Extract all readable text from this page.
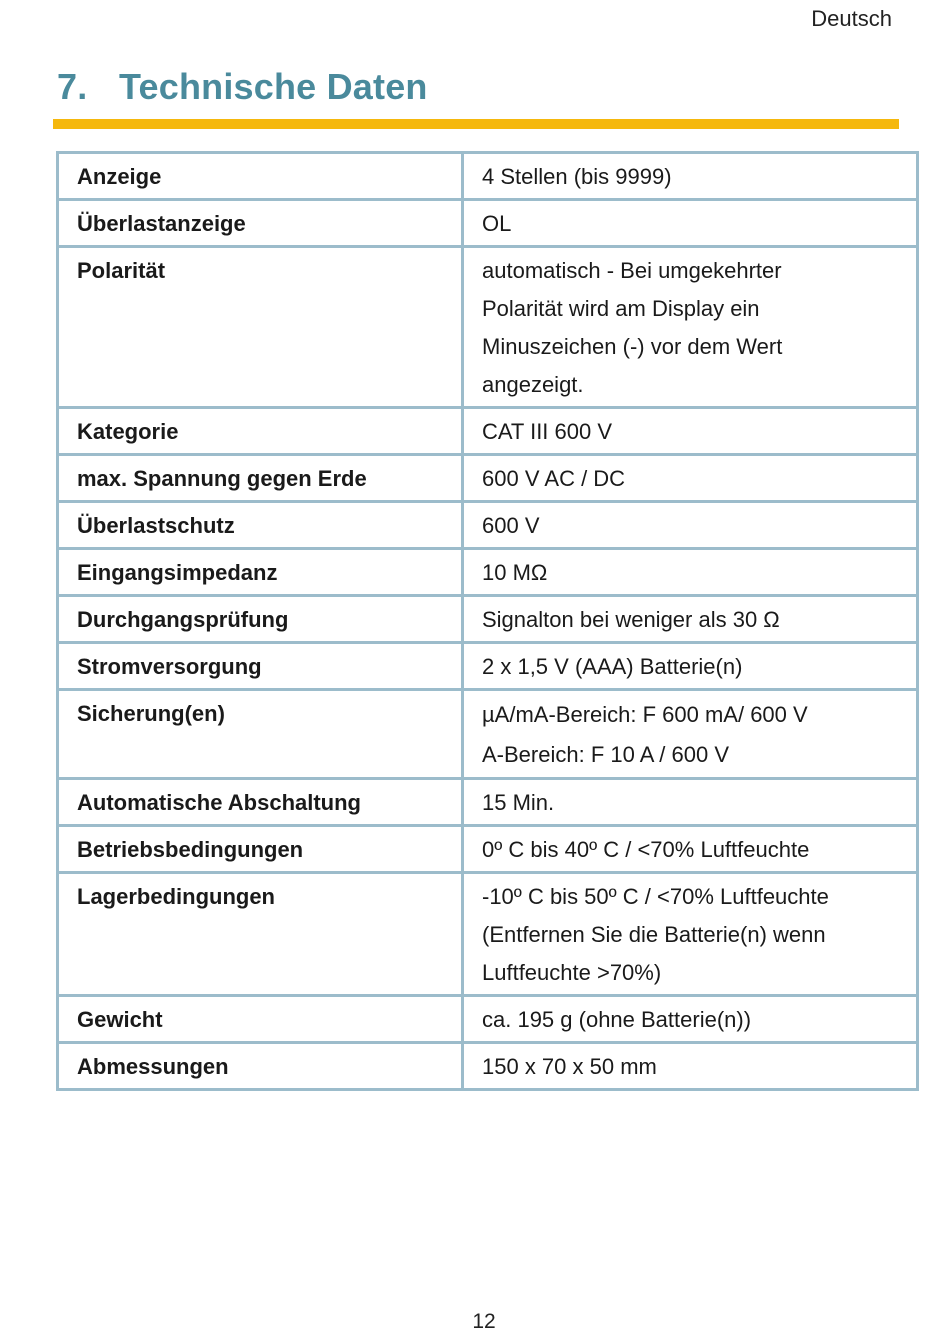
Deutsch
7. Technische Daten
Anzeige	4 Stellen (bis 9999)
Überlastanzeige	OL
Polarität	automatisch - Bei umgekehrter
Polarität wird am Display ein
Minuszeichen (-) vor dem Wert
angezeigt.

Kategorie	CAT III 600 V
max. Spannung gegen Erde	600 V AC / DC
Überlastschutz	600 V
Eingangsimpedanz	10 MΩ
Durchgangsprüfung	Signalton bei weniger als 30 Ω
Stromversorgung	2 x 1,5 V (AAA) Batterie(n)
Sicherung(en)	µA/mA-Bereich: F 600 mA/ 600 V
A-Bereich: F 10 A / 600 V

Automatische Abschaltung	15 Min.
Betriebsbedingungen	0º C bis 40º C / <70% Luftfeuchte
Lagerbedingungen	-10º C bis 50º C / <70% Luftfeuchte
(Entfernen Sie die Batterie(n) wenn
Luftfeuchte >70%)

Gewicht	ca. 195 g (ohne Batterie(n))
Abmessungen	150 x 70 x 50 mm
12
